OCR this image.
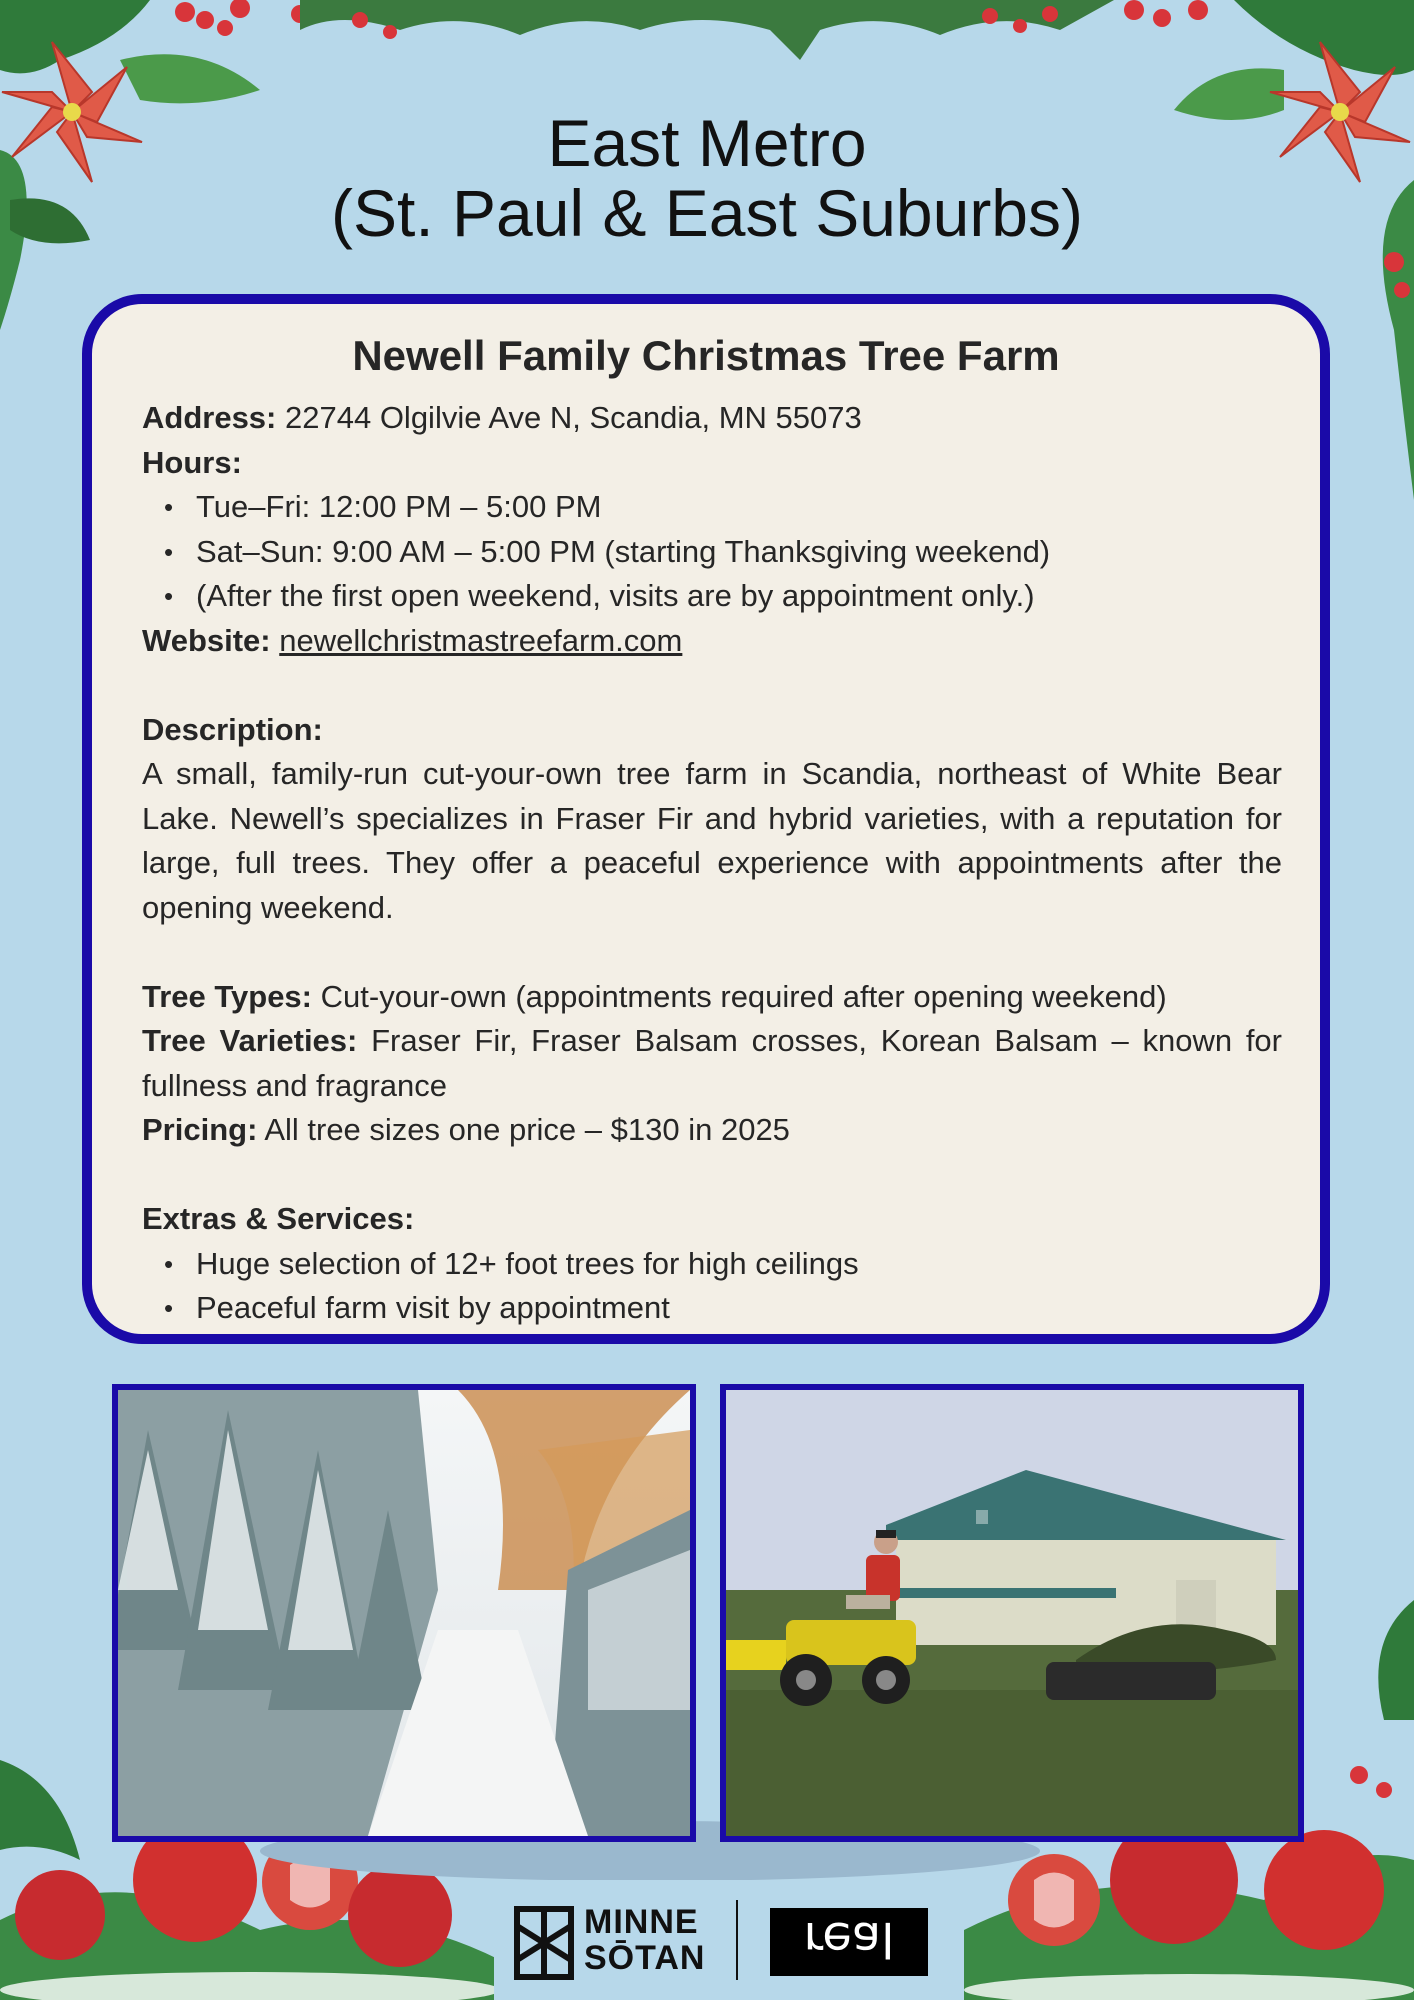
East Metro
(St. Paul & East Suburbs)
Newell Family Christmas Tree Farm
Address: 22744 Olgilvie Ave N, Scandia, MN 55073
Hours:
• Tue–Fri: 12:00 PM – 5:00 PM
• Sat–Sun: 9:00 AM – 5:00 PM (starting Thanksgiving weekend)
• (After the first open weekend, visits are by appointment only.)
Website: newellchristmastreefarm.com
Description:
A small, family-run cut-your-own tree farm in Scandia, northeast of White Bear Lake. Newell’s specializes in Fraser Fir and hybrid varieties, with a reputation for large, full trees. They offer a peaceful experience with appointments after the opening weekend.
Tree Types: Cut-your-own (appointments required after opening weekend)
Tree Varieties: Fraser Fir, Fraser Balsam crosses, Korean Balsam – known for fullness and fragrance
Pricing: All tree sizes one price – $130 in 2025
Extras & Services:
• Huge selection of 12+ foot trees for high ceilings
• Peaceful farm visit by appointment
MINNE
SŌTAN	real
